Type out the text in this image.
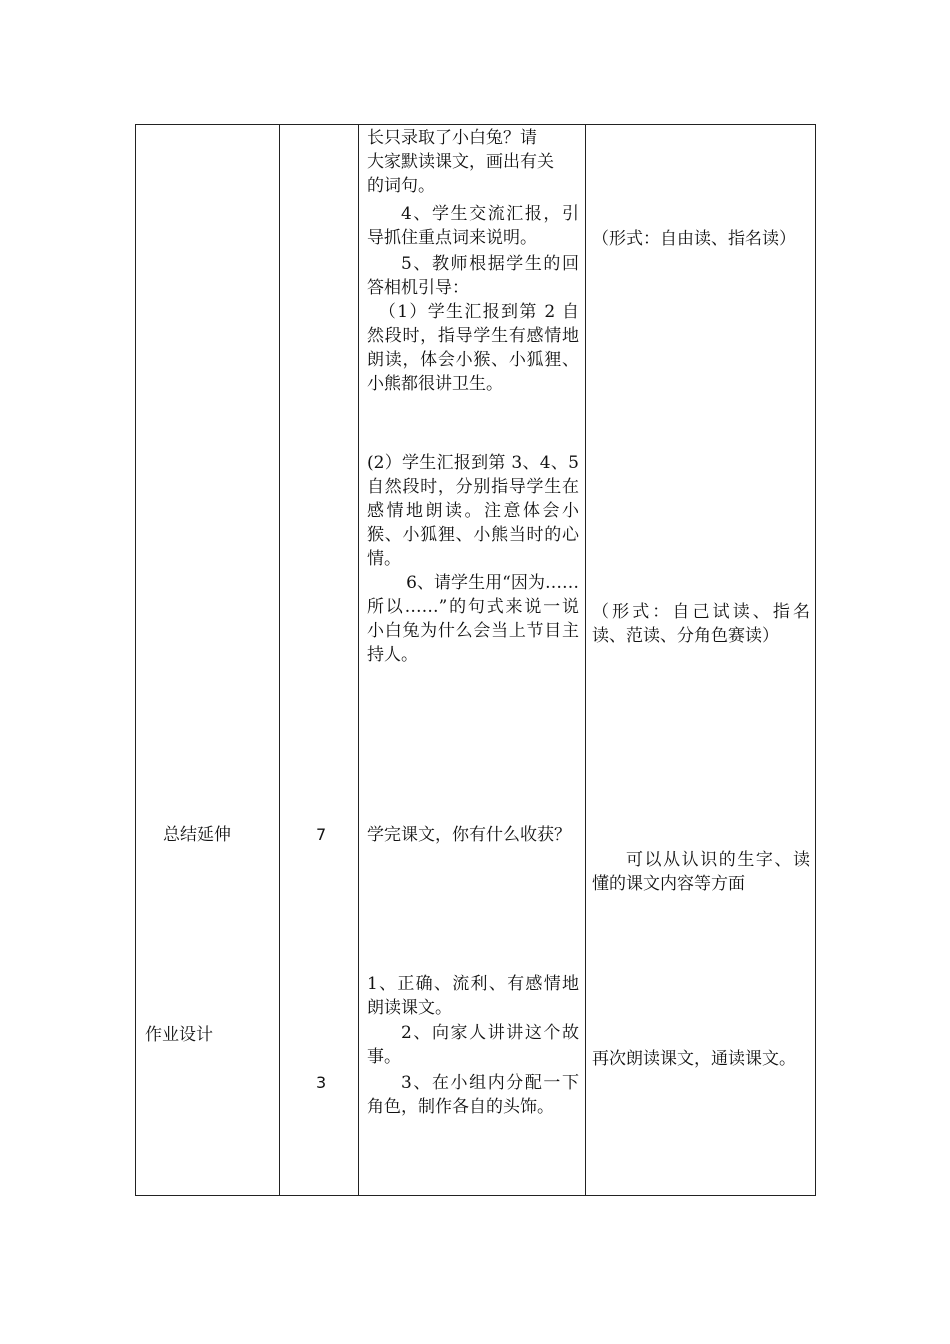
长只录取了小白兔？请
大家默读课文，画出有关
的词句。
4、学生交流汇报，引导抓住重点词来说明。
5、教师根据学生的回答相机引导：
（1）学生汇报到第 2 自然段时，指导学生有感情地朗读，体会小猴、小狐狸、小熊都很讲卫生。
(2）学生汇报到第 3、4、5 自然段时，分别指导学生在感情地朗读。注意体会小猴、小狐狸、小熊当时的心情。
6、请学生用“因为……所以……”的句式来说一说小白兔为什么会当上节目主持人。
（形式：自由读、指名读）
（形式：自己试读、指名读、范读、分角色赛读）
总结延伸	7	学完课文，你有什么收获？
可以从认识的生字、读懂的课文内容等方面
作业设计
3
1、正确、流利、有感情地朗读课文。
2、向家人讲讲这个故事。
3、在小组内分配一下角色，制作各自的头饰。
再次朗读课文，通读课文。
